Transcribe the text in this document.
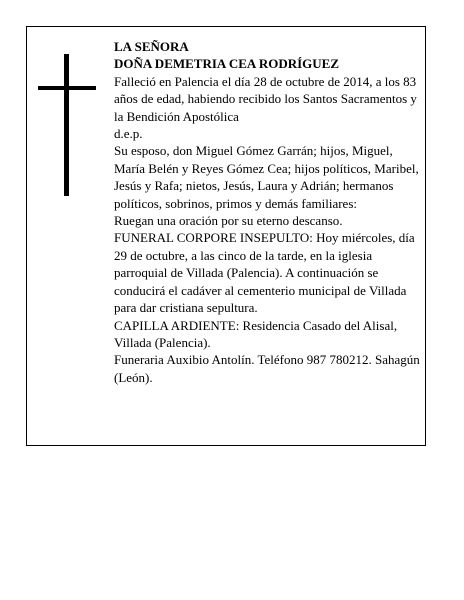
LA SEÑORA

DOÑA DEMETRIA CEA RODRÍGUEZ

Falleció en Palencia el día 28 de octubre de 2014, a los 83 años de edad, habiendo recibido los Santos Sacramentos y la Bendición Apostólica

d.e.p.

Su esposo, don Miguel Gómez Garrán; hijos, Miguel, María Belén y Reyes Gómez Cea; hijos políticos, Maribel, Jesús y Rafa; nietos, Jesús, Laura y Adrián; hermanos políticos, sobrinos, primos y demás familiares:

Ruegan una oración por su eterno descanso.

FUNERAL CORPORE INSEPULTO: Hoy miércoles, día 29 de octubre, a las cinco de la tarde, en la iglesia parroquial de Villada (Palencia). A continuación se conducirá el cadáver al cementerio municipal de Villada para dar cristiana sepultura.

CAPILLA ARDIENTE: Residencia Casado del Alisal, Villada (Palencia).

Funeraria Auxibio Antolín. Teléfono 987 780212. Sahagún (León).
